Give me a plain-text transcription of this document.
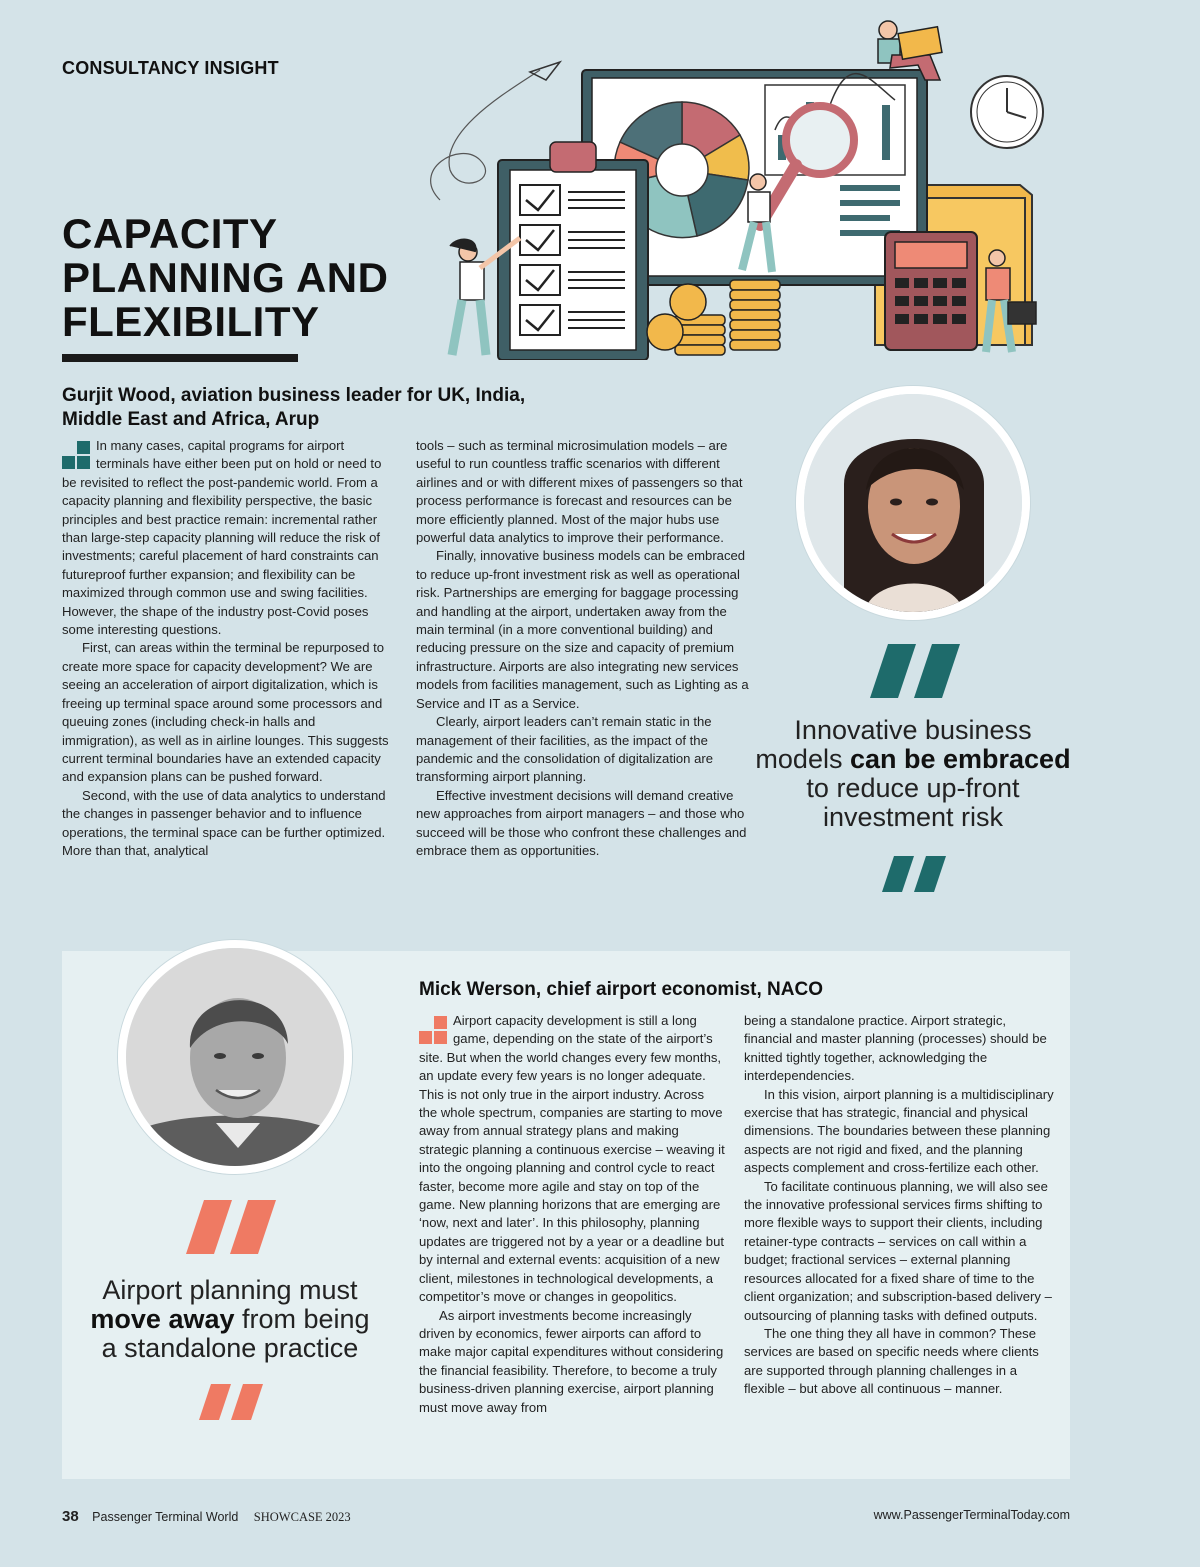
CONSULTANCY INSIGHT
CAPACITY
PLANNING AND
FLEXIBILITY
Gurjit Wood, aviation business leader for UK, India,
Middle East and Africa, Arup

In many cases, capital programs for airport terminals have either been put on hold or need to be revisited to reflect the post-pandemic world. From a capacity planning and flexibility perspective, the basic principles and best practice remain: incremental rather than large-step capacity planning will reduce the risk of investments; careful placement of hard constraints can futureproof further expansion; and flexibility can be maximized through common use and swing facilities. However, the shape of the industry post-Covid poses some interesting questions.

First, can areas within the terminal be repurposed to create more space for capacity development? We are seeing an acceleration of airport digitalization, which is freeing up terminal space around some processors and queuing zones (including check-in halls and immigration), as well as in airline lounges. This suggests current terminal boundaries have an extended capacity and expansion plans can be pushed forward.

Second, with the use of data analytics to understand the changes in passenger behavior and to influence operations, the terminal space can be further optimized. More than that, analytical

tools – such as terminal microsimulation models – are useful to run countless traffic scenarios with different airlines and or with different mixes of passengers so that process performance is forecast and resources can be more efficiently planned. Most of the major hubs use powerful data analytics to improve their performance.

Finally, innovative business models can be embraced to reduce up-front investment risk as well as operational risk. Partnerships are emerging for baggage processing and handling at the airport, undertaken away from the main terminal (in a more conventional building) and reducing pressure on the size and capacity of premium infrastructure. Airports are also integrating new services models from facilities management, such as Lighting as a Service and IT as a Service.

Clearly, airport leaders can’t remain static in the management of their facilities, as the impact of the pandemic and the consolidation of digitalization are transforming airport planning.

Effective investment decisions will demand creative new approaches from airport managers – and those who succeed will be those who confront these challenges and embrace them as opportunities.

Innovative business models can be embraced to reduce up-front investment risk
Airport planning must
move away from being
a standalone practice
Mick Werson, chief airport economist, NACO

Airport capacity development is still a long game, depending on the state of the airport’s site. But when the world changes every few months, an update every few years is no longer adequate. This is not only true in the airport industry. Across the whole spectrum, companies are starting to move away from annual strategy plans and making strategic planning a continuous exercise – weaving it into the ongoing planning and control cycle to react faster, become more agile and stay on top of the game. New planning horizons that are emerging are ‘now, next and later’. In this philosophy, planning updates are triggered not by a year or a deadline but by internal and external events: acquisition of a new client, milestones in technological developments, a competitor’s move or changes in geopolitics.

As airport investments become increasingly driven by economics, fewer airports can afford to make major capital expenditures without considering the financial feasibility. Therefore, to become a truly business-driven planning exercise, airport planning must move away from

being a standalone practice. Airport strategic, financial and master planning (processes) should be knitted tightly together, acknowledging the interdependencies.

In this vision, airport planning is a multidisciplinary exercise that has strategic, financial and physical dimensions. The boundaries between these planning aspects are not rigid and fixed, and the planning aspects complement and cross-fertilize each other.

To facilitate continuous planning, we will also see the innovative professional services firms shifting to more flexible ways to support their clients, including retainer-type contracts – services on call within a budget; fractional services – external planning resources allocated for a fixed share of time to the client organization; and subscription-based delivery – outsourcing of planning tasks with defined outputs.

The one thing they all have in common? These services are based on specific needs where clients are supported through planning challenges in a flexible – but above all continuous – manner.

38 Passenger Terminal World SHOWCASE 2023	www.PassengerTerminalToday.com
